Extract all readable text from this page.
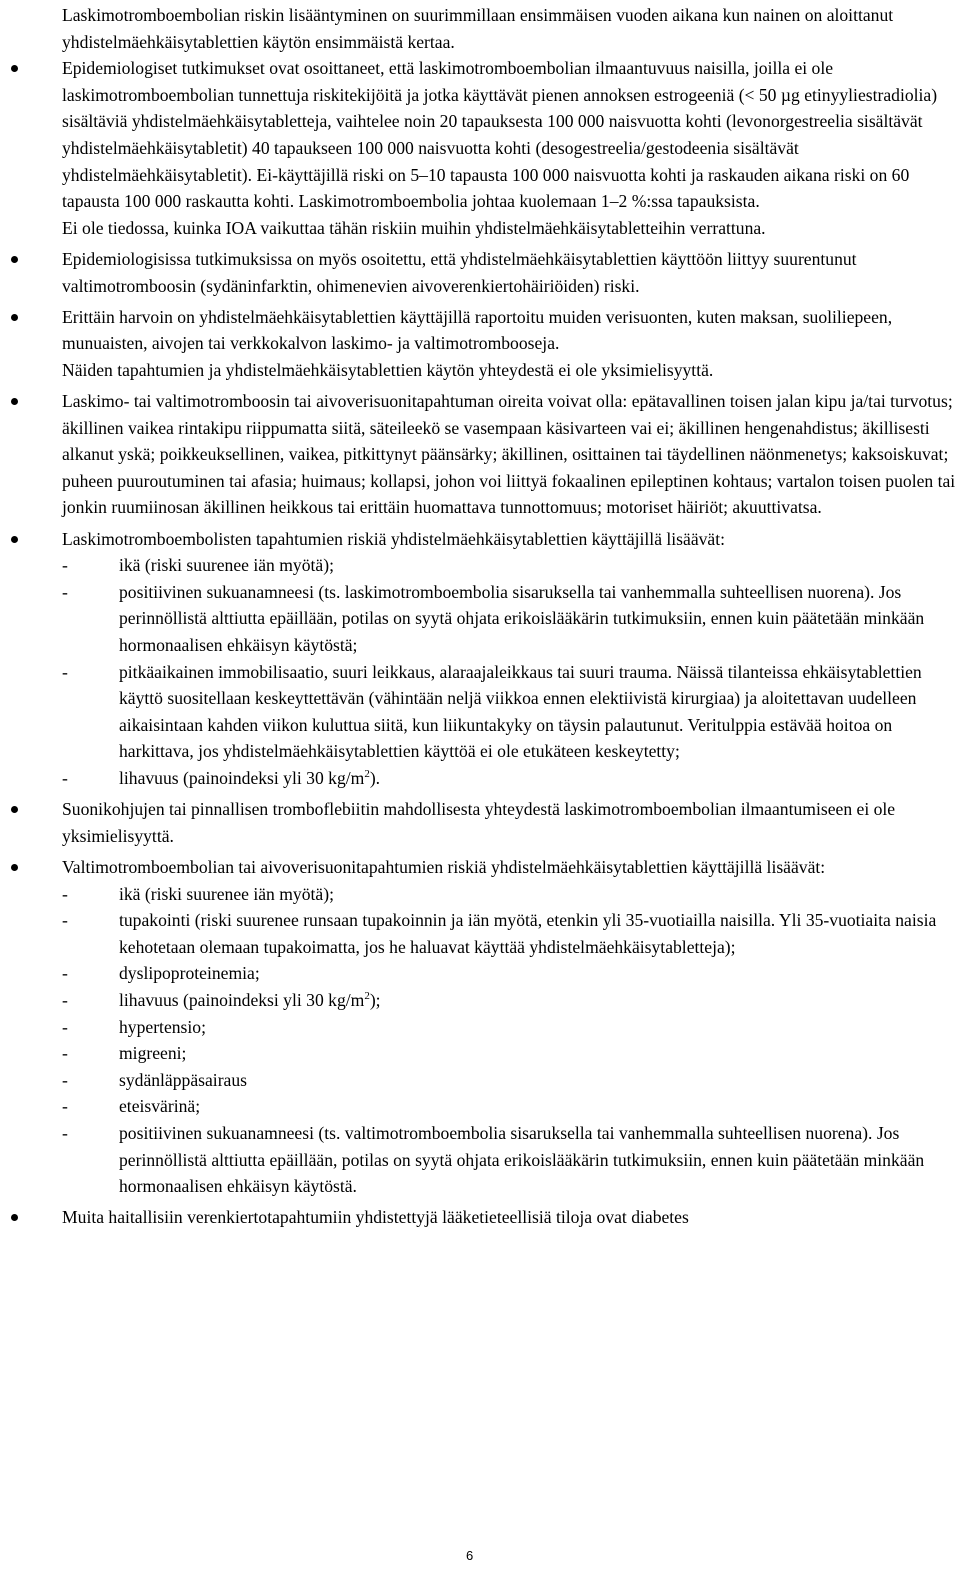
Laskimotromboembolian riskin lisääntyminen on suurimmillaan ensimmäisen vuoden aikana kun nainen on aloittanut yhdistelmäehkäisytablettien käytön ensimmäistä kertaa.

Epidemiologiset tutkimukset ovat osoittaneet, että laskimotromboembolian ilmaantuvuus naisilla, joilla ei ole laskimotromboembolian tunnettuja riskitekijöitä ja jotka käyttävät pienen annoksen estrogeeniä (< 50 µg etinyyliestradiolia) sisältäviä yhdistelmäehkäisytabletteja, vaihtelee noin 20 tapauksesta 100 000 naisvuotta kohti (levonorgestreelia sisältävät yhdistelmäehkäisytabletit) 40 tapaukseen 100 000 naisvuotta kohti (desogestreelia/gestodeenia sisältävät yhdistelmäehkäisytabletit). Ei-käyttäjillä riski on 5–10 tapausta 100 000 naisvuotta kohti ja raskauden aikana riski on 60 tapausta 100 000 raskautta kohti. Laskimotromboembolia johtaa kuolemaan 1–2 %:ssa tapauksista.
Ei ole tiedossa, kuinka IOA vaikuttaa tähän riskiin muihin yhdistelmäehkäisytabletteihin verrattuna.
Epidemiologisissa tutkimuksissa on myös osoitettu, että yhdistelmäehkäisytablettien käyttöön liittyy suurentunut valtimotromboosin (sydäninfarktin, ohimenevien aivoverenkiertohäiriöiden) riski.
Erittäin harvoin on yhdistelmäehkäisytablettien käyttäjillä raportoitu muiden verisuonten, kuten maksan, suoliliepeen, munuaisten, aivojen tai verkkokalvon laskimo- ja valtimotromboosеja.
Näiden tapahtumien ja yhdistelmäehkäisytablettien käytön yhteydestä ei ole yksimielisyyttä.
Laskimo- tai valtimotromboosin tai aivoverisuonitapahtuman oireita voivat olla: epätavallinen toisen jalan kipu ja/tai turvotus; äkillinen vaikea rintakipu riippumatta siitä, säteileekö se vasempaan käsivarteen vai ei; äkillinen hengenahdistus; äkillisesti alkanut yskä; poikkeuksellinen, vaikea, pitkittynyt päänsärky; äkillinen, osittainen tai täydellinen näönmenetys; kaksoiskuvat; puheen puuroutuminen tai afasia; huimaus; kollapsi, johon voi liittyä fokaalinen epileptinen kohtaus; vartalon toisen puolen tai jonkin ruumiinosan äkillinen heikkous tai erittäin huomattava tunnottomuus; motoriset häiriöt; akuuttivatsa.
Laskimotromboembolisten tapahtumien riskiä yhdistelmäehkäisytablettien käyttäjillä lisäävät:
-	ikä (riski suurenee iän myötä);
-	positiivinen sukuanamneesi (ts. laskimotromboembolia sisaruksella tai vanhemmalla suhteellisen nuorena). Jos perinnöllistä alttiutta epäillään, potilas on syytä ohjata erikoislääkärin tutkimuksiin, ennen kuin päätetään minkään hormonaalisen ehkäisyn käytöstä;
-	pitkäaikainen immobilisaatio, suuri leikkaus, alaraajaleikkaus tai suuri trauma. Näissä tilanteissa ehkäisytablettien käyttö suositellaan keskeyttettävän (vähintään neljä viikkoa ennen elektiivistä kirurgiaa) ja aloitettavan uudelleen aikaisintaan kahden viikon kuluttua siitä, kun liikuntakyky on täysin palautunut. Veritulppia estävää hoitoa on harkittava, jos yhdistelmäehkäisytablettien käyttöä ei ole etukäteen keskeytetty;
-	lihavuus (painoindeksi yli 30 $kg/m^2$).
Suonikohjujen tai pinnallisen tromboflebiitin mahdollisesta yhteydestä laskimotromboembolian ilmaantumiseen ei ole yksimielisyyttä.
Valtimotromboembolian tai aivoverisuonitapahtumien riskiä yhdistelmäehkäisytablettien käyttäjillä lisäävät:
-	ikä (riski suurenee iän myötä);
-	tupakointi (riski suurenee runsaan tupakoinnin ja iän myötä, etenkin yli 35-vuotiailla naisilla. Yli 35-vuotiaita naisia kehotetaan olemaan tupakoimatta, jos he haluavat käyttää yhdistelmäehkäisytabletteja);
-	dyslipoproteinemia;
-	lihavuus (painoindeksi yli 30 $kg/m^2$);
-	hypertensio;
-	migreeni;
-	sydänläppäsairaus
-	eteisvärinä;
-	positiivinen sukuanamneesi (ts. valtimotromboembolia sisaruksella tai vanhemmalla suhteellisen nuorena). Jos perinnöllistä alttiutta epäillään, potilas on syytä ohjata erikoislääkärin tutkimuksiin, ennen kuin päätetään minkään hormonaalisen ehkäisyn käytöstä.
Muita haitallisiin verenkiertotapahtumiin yhdistettyjä lääketieteellisiä tiloja ovat diabetes
6
